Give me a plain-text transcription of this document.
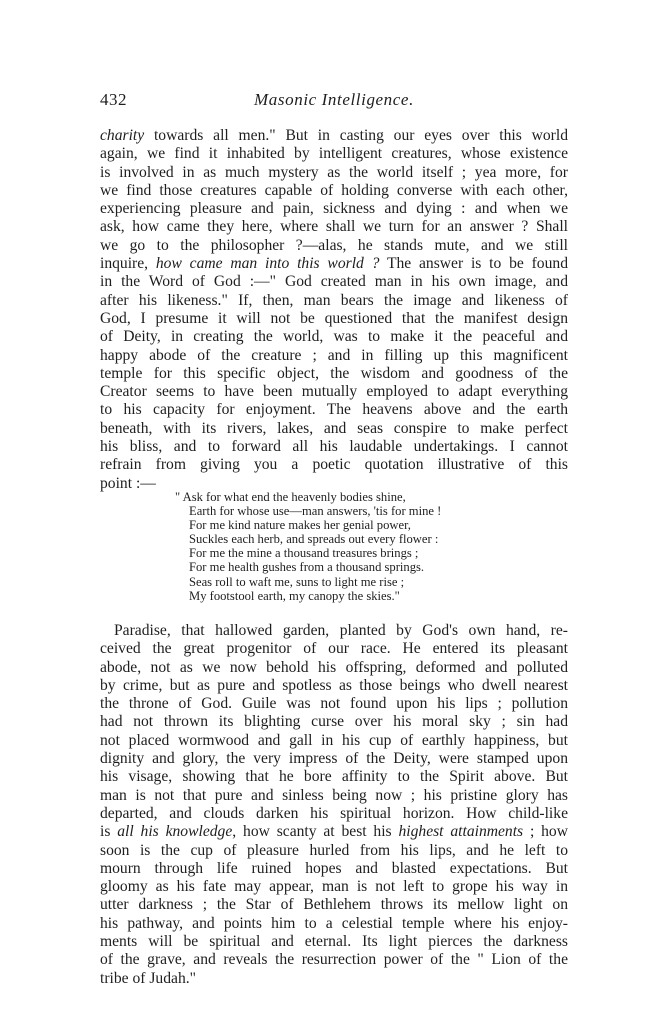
432	Masonic Intelligence.
charity towards all men." But in casting our eyes over this world
again, we find it inhabited by intelligent creatures, whose existence
is involved in as much mystery as the world itself ; yea more, for
we find those creatures capable of holding converse with each other,
experiencing pleasure and pain, sickness and dying : and when we
ask, how came they here, where shall we turn for an answer ? Shall
we go to the philosopher ?—alas, he stands mute, and we still
inquire, how came man into this world ? The answer is to be found
in the Word of God :—" God created man in his own image, and
after his likeness." If, then, man bears the image and likeness of
God, I presume it will not be questioned that the manifest design
of Deity, in creating the world, was to make it the peaceful and
happy abode of the creature ; and in filling up this magnificent
temple for this specific object, the wisdom and goodness of the
Creator seems to have been mutually employed to adapt everything
to his capacity for enjoyment. The heavens above and the earth
beneath, with its rivers, lakes, and seas conspire to make perfect
his bliss, and to forward all his laudable undertakings. I cannot
refrain from giving you a poetic quotation illustrative of this
point :—
" Ask for what end the heavenly bodies shine,
Earth for whose use—man answers, 'tis for mine !
For me kind nature makes her genial power,
Suckles each herb, and spreads out every flower :
For me the mine a thousand treasures brings ;
For me health gushes from a thousand springs.
Seas roll to waft me, suns to light me rise ;
My footstool earth, my canopy the skies."
Paradise, that hallowed garden, planted by God's own hand, re-
ceived the great progenitor of our race. He entered its pleasant
abode, not as we now behold his offspring, deformed and polluted
by crime, but as pure and spotless as those beings who dwell nearest
the throne of God. Guile was not found upon his lips ; pollution
had not thrown its blighting curse over his moral sky ; sin had
not placed wormwood and gall in his cup of earthly happiness, but
dignity and glory, the very impress of the Deity, were stamped upon
his visage, showing that he bore affinity to the Spirit above. But
man is not that pure and sinless being now ; his pristine glory has
departed, and clouds darken his spiritual horizon. How child-like
is all his knowledge, how scanty at best his highest attainments ; how
soon is the cup of pleasure hurled from his lips, and he left to
mourn through life ruined hopes and blasted expectations. But
gloomy as his fate may appear, man is not left to grope his way in
utter darkness ; the Star of Bethlehem throws its mellow light on
his pathway, and points him to a celestial temple where his enjoy-
ments will be spiritual and eternal. Its light pierces the darkness
of the grave, and reveals the resurrection power of the " Lion of the
tribe of Judah."
